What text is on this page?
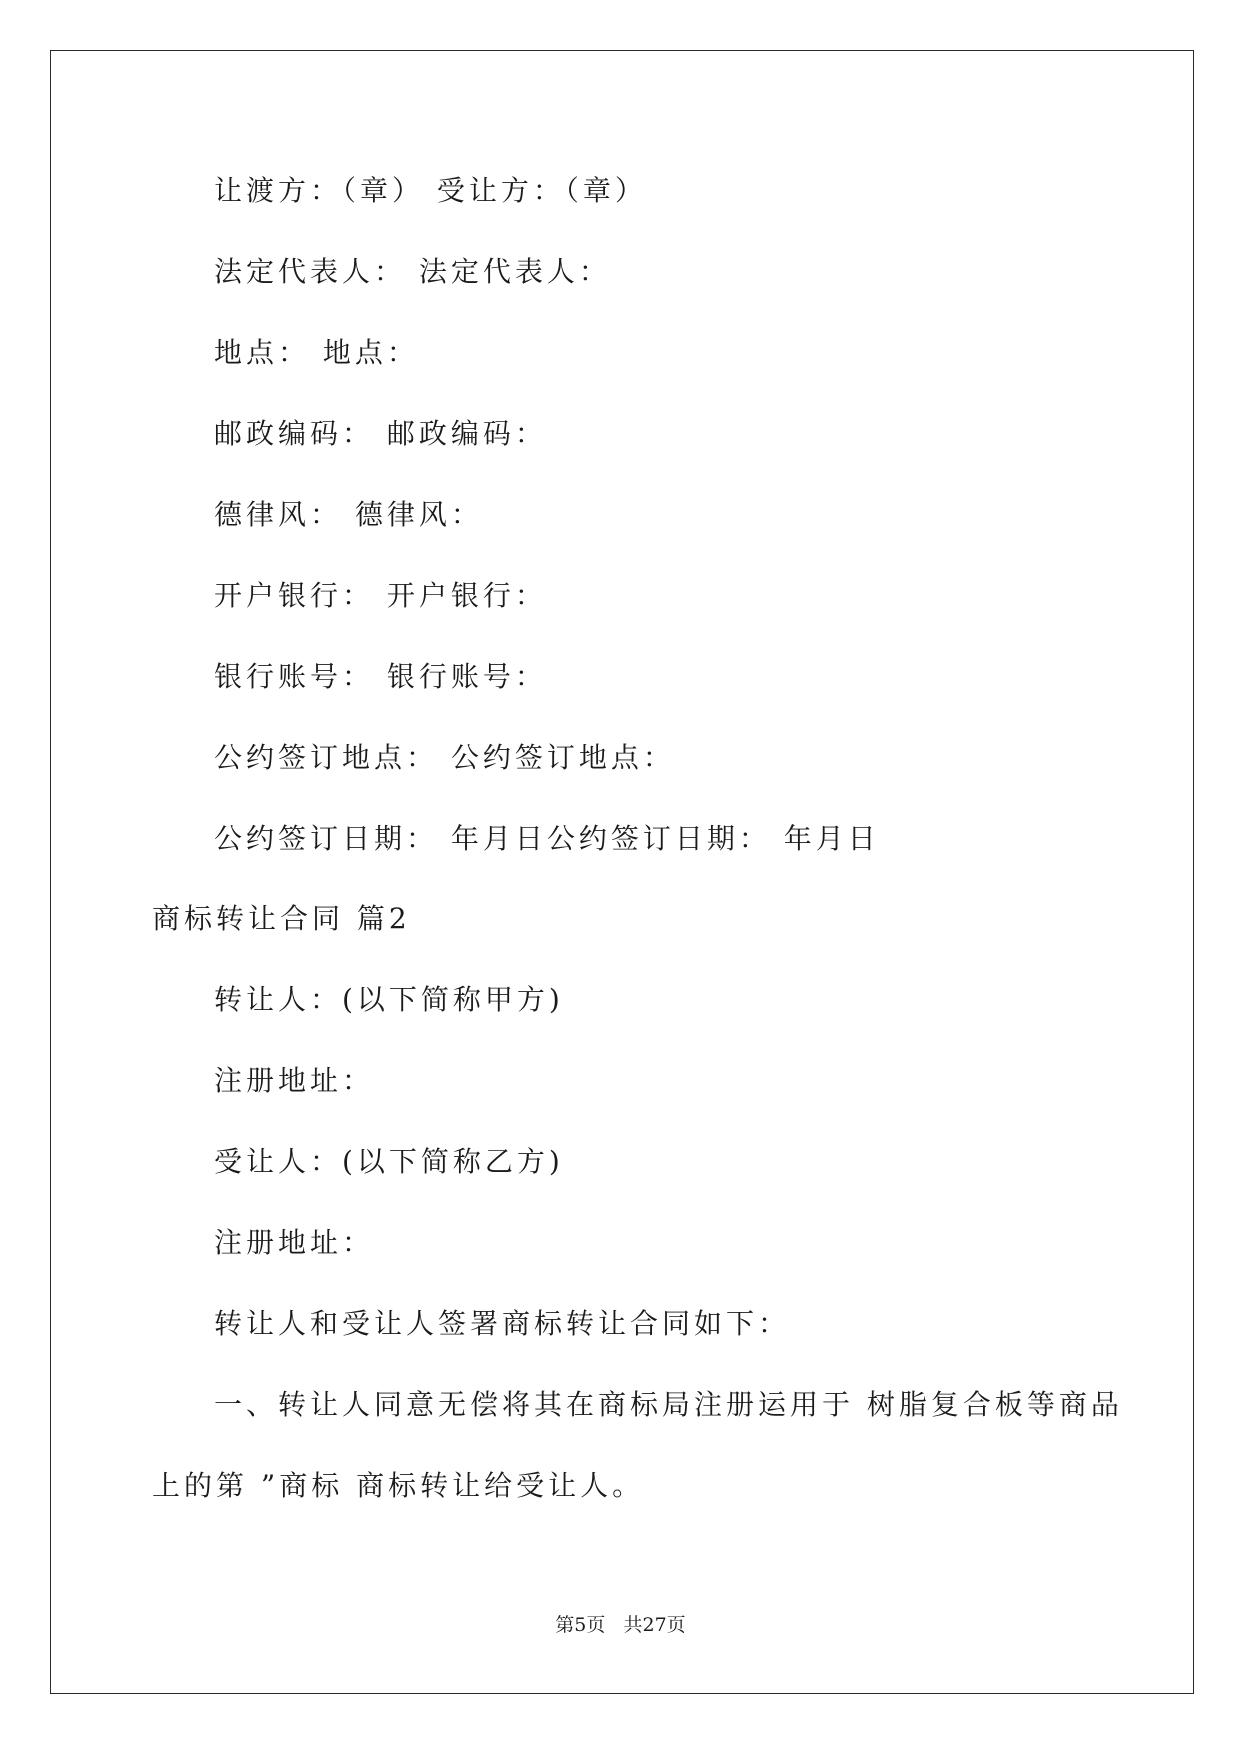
让渡方：（章） 受让方：（章）
法定代表人： 法定代表人：
地点： 地点：
邮政编码： 邮政编码：
德律风： 德律风：
开户银行： 开户银行：
银行账号： 银行账号：
公约签订地点： 公约签订地点：
公约签订日期： 年月日公约签订日期： 年月日
商标转让合同 篇2
转让人：(以下简称甲方)
注册地址：
受让人：(以下简称乙方)
注册地址：
转让人和受让人签署商标转让合同如下：
一、转让人同意无偿将其在商标局注册运用于 树脂复合板等商品
上的第 ”商标 商标转让给受让人。
第5页   共27页
